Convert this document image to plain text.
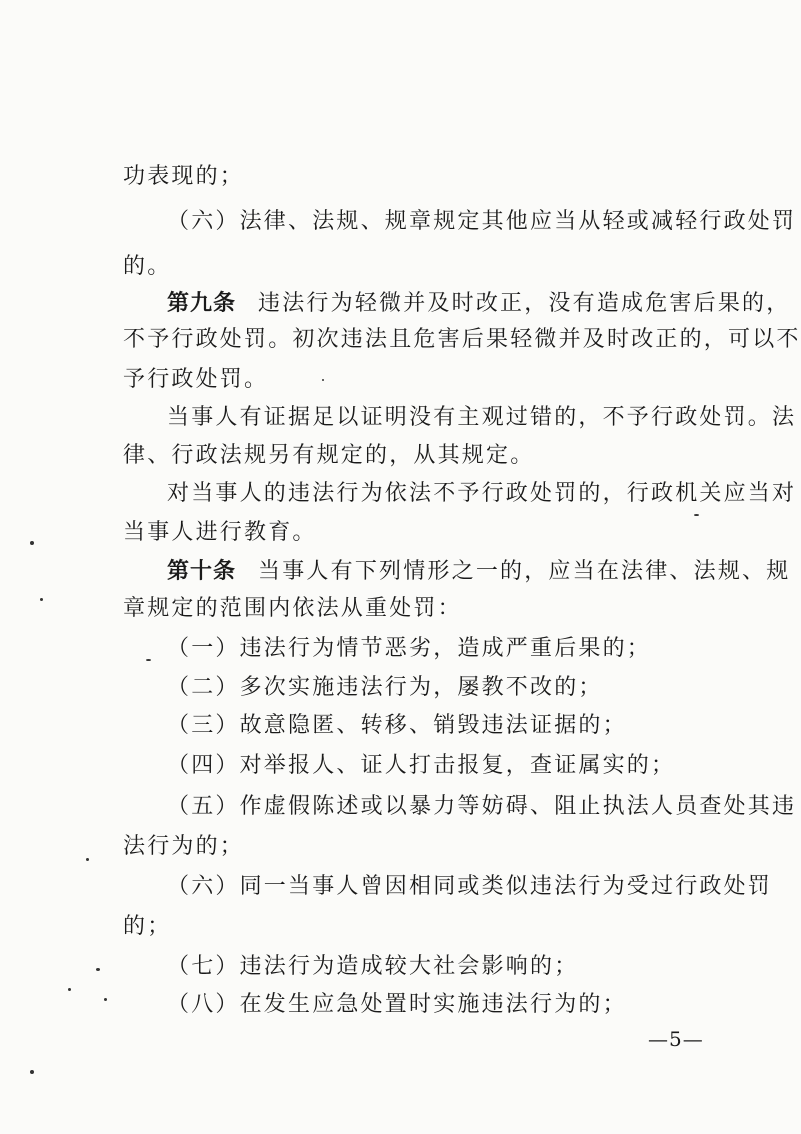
功表现的；
（六）法律、法规、规章规定其他应当从轻或减轻行政处罚
的。
第九条 违法行为轻微并及时改正，没有造成危害后果的，
不予行政处罚。初次违法且危害后果轻微并及时改正的，可以不
予行政处罚。
当事人有证据足以证明没有主观过错的，不予行政处罚。法
律、行政法规另有规定的，从其规定。
对当事人的违法行为依法不予行政处罚的，行政机关应当对
当事人进行教育。
第十条 当事人有下列情形之一的，应当在法律、法规、规
章规定的范围内依法从重处罚：
（一）违法行为情节恶劣，造成严重后果的；
（二）多次实施违法行为，屡教不改的；
（三）故意隐匿、转移、销毁违法证据的；
（四）对举报人、证人打击报复，查证属实的；
（五）作虚假陈述或以暴力等妨碍、阻止执法人员查处其违
法行为的；
（六）同一当事人曾因相同或类似违法行为受过行政处罚
的；
（七）违法行为造成较大社会影响的；
（八）在发生应急处置时实施违法行为的；
—5—
